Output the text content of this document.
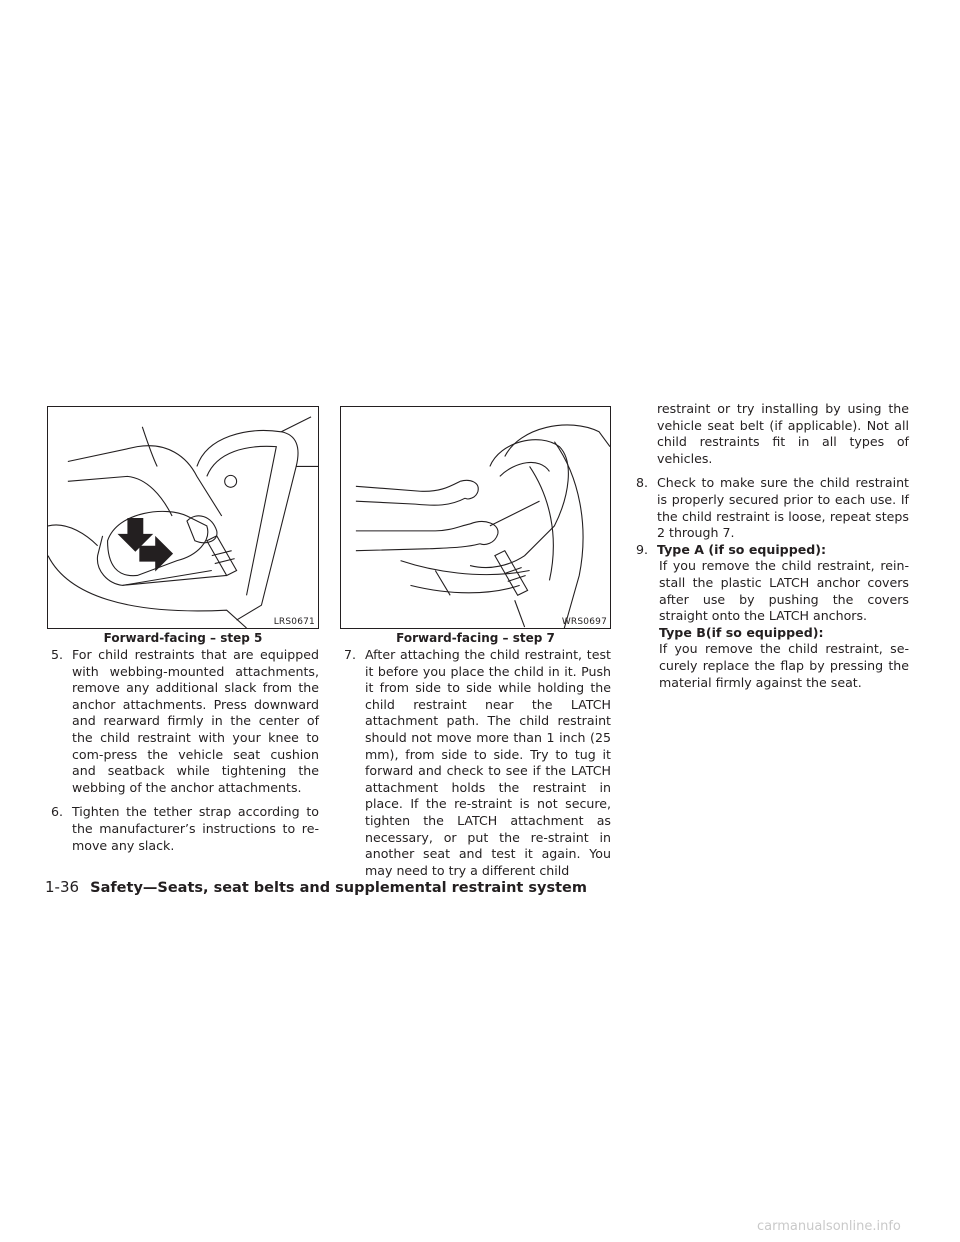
LRS0671
Forward-facing – step 5
WRS0697
Forward-facing – step 7

5. For child restraints that are equipped with webbing-mounted attachments, remove any additional slack from the anchor attachments. Press downward and rearward firmly in the center of the child restraint with your knee to com-press the vehicle seat cushion and seatback while tightening the webbing of the anchor attachments.

6. Tighten the tether strap according to the manufacturer’s instructions to re-move any slack.

7. After attaching the child restraint, test it before you place the child in it. Push it from side to side while holding the child restraint near the LATCH attachment path. The child restraint should not move more than 1 inch (25 mm), from side to side. Try to tug it forward and check to see if the LATCH attachment holds the restraint in place. If the re-straint is not secure, tighten the LATCH attachment as necessary, or put the re-straint in another seat and test it again. You may need to try a different child

restraint or try installing by using the vehicle seat belt (if applicable). Not all child restraints fit in all types of vehicles.

8. Check to make sure the child restraint is properly secured prior to each use. If the child restraint is loose, repeat steps 2 through 7.

9. Type A (if so equipped):

If you remove the child restraint, rein-stall the plastic LATCH anchor covers after use by pushing the covers straight onto the LATCH anchors.

Type B(if so equipped):

If you remove the child restraint, se-curely replace the flap by pressing the material firmly against the seat.

1-36 Safety—Seats, seat belts and supplemental restraint system
carmanualsonline.info
